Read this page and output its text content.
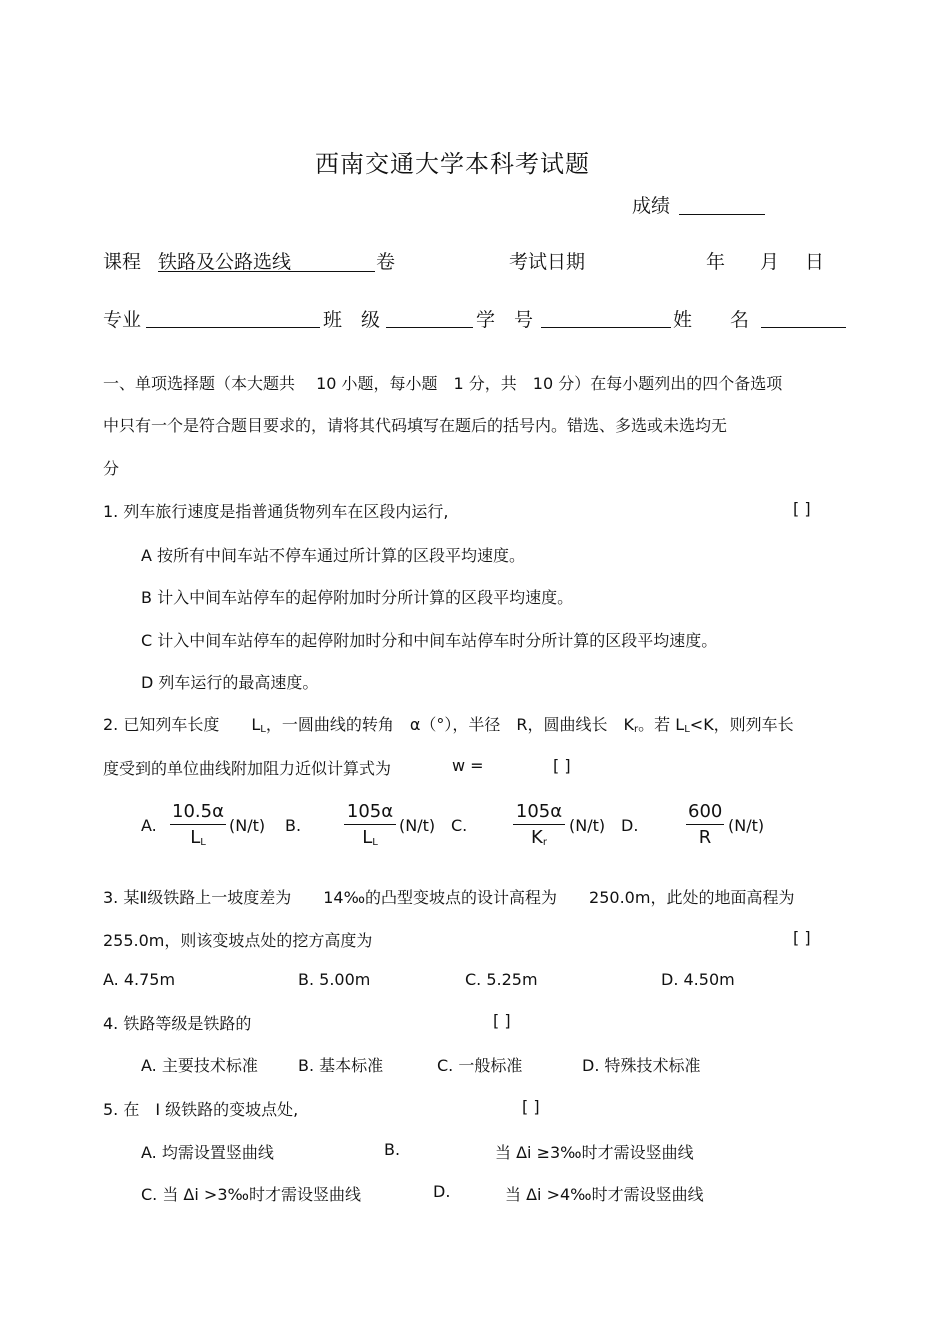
西南交通大学本科考试题
成绩
课程 铁路及公路选线	卷	考试日期	年 月 日
专业	班　级	学　号	姓　　名
一、单项选择题（本大题共　 10 小题，每小题　1 分，共　10 分）在每小题列出的四个备选项
中只有一个是符合题目要求的，请将其代码填写在题后的括号内。错选、多选或未选均无
分
1. 列车旅行速度是指普通货物列车在区段内运行,	[ ]
A 按所有中间车站不停车通过所计算的区段平均速度。
B 计入中间车站停车的起停附加时分所计算的区段平均速度。
C 计入中间车站停车的起停附加时分和中间车站停车时分所计算的区段平均速度。
D 列车运行的最高速度。
2. 已知列车长度　　 $L_L$，一圆曲线的转角　α（°），半径　R，圆曲线长　$K_r$。若 $L_L<K$，则列车长
度受到的单位曲线附加阻力近似计算式为	w =	[ ]
A.
10.5α
$L_L$
(N/t) B.
105α
$L_L$
(N/t) C.
105α
$K_r$
(N/t) D.
600
R
(N/t)
3. 某Ⅱ级铁路上一坡度差为　　14‰的凸型变坡点的设计高程为　　250.0m，此处的地面高程为
255.0m，则该变坡点处的挖方高度为	[ ]
A. 4.75m	B. 5.00m	C. 5.25m	D. 4.50m
4. 铁路等级是铁路的	[ ]
A. 主要技术标准	B. 基本标准	C. 一般标准	D. 特殊技术标准
5. 在　Ⅰ 级铁路的变坡点处,	[ ]
A. 均需设置竖曲线	B.	当 Δi ≥3‰时才需设竖曲线
C. 当 Δi >3‰时才需设竖曲线	D.	当 Δi >4‰时才需设竖曲线
